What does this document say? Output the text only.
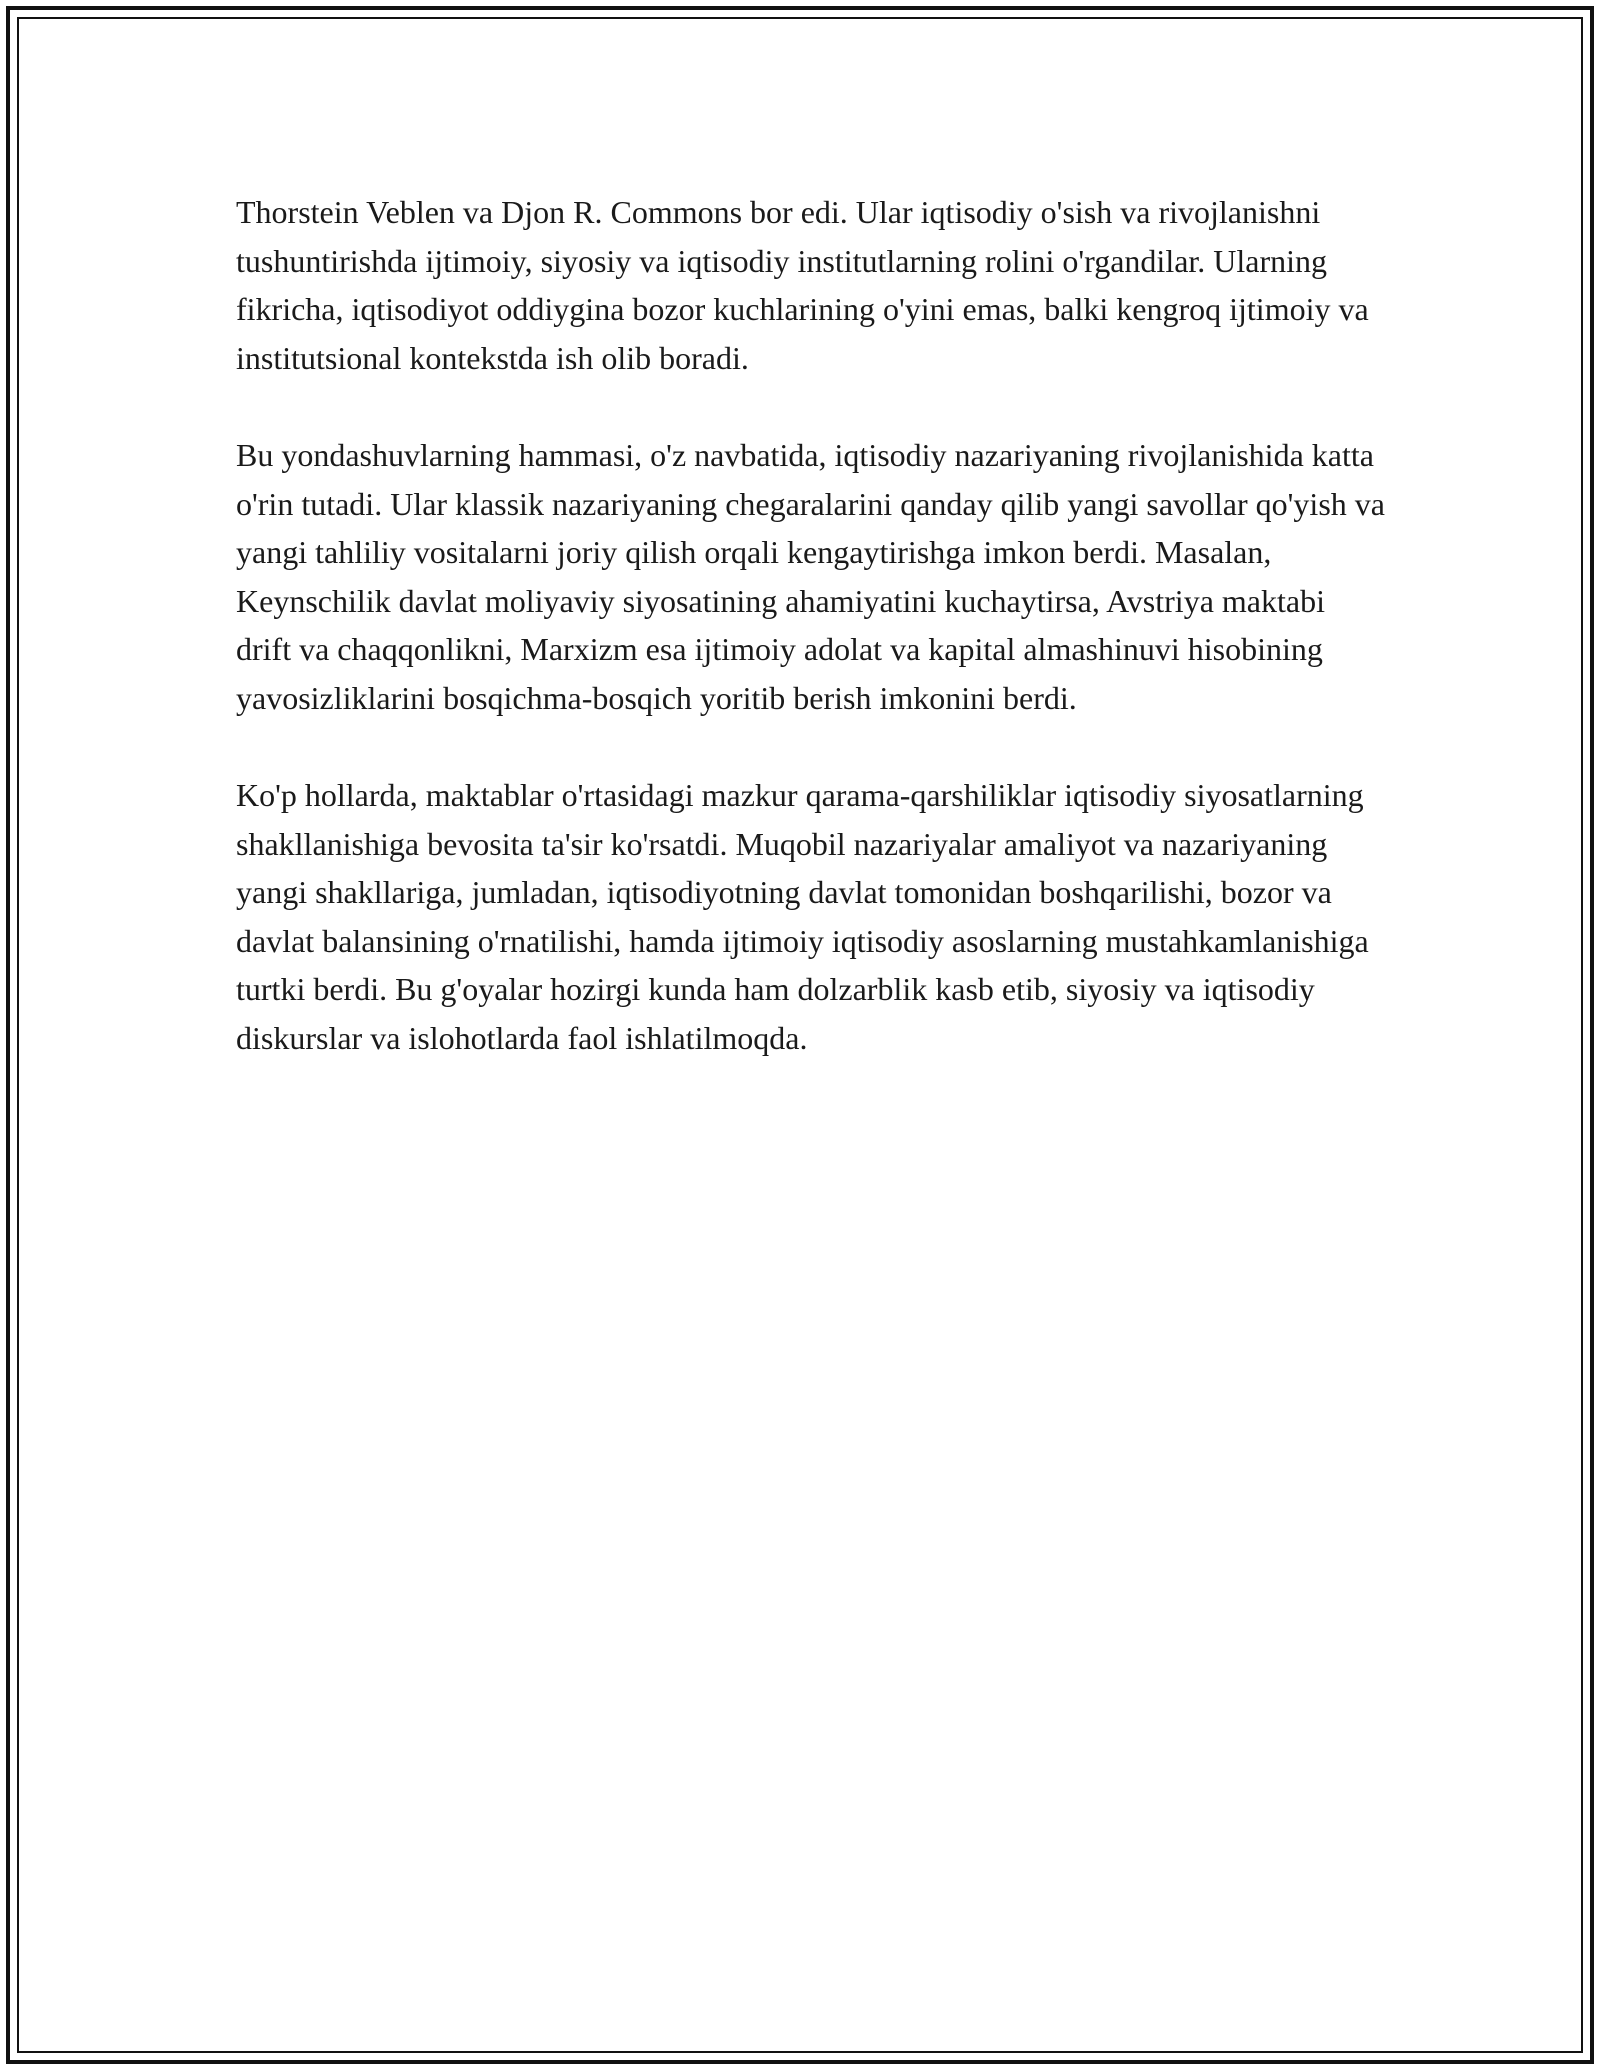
Thorstein Veblen va Djon R. Commons bor edi. Ular iqtisodiy o'sish va rivojlanishni tushuntirishda ijtimoiy, siyosiy va iqtisodiy institutlarning rolini o'rgandilar. Ularning fikricha, iqtisodiyot oddiygina bozor kuchlarining o'yini emas, balki kengroq ijtimoiy va institutsional kontekstda ish olib boradi.

Bu yondashuvlarning hammasi, o'z navbatida, iqtisodiy nazariyaning rivojlanishida katta o'rin tutadi. Ular klassik nazariyaning chegaralarini qanday qilib yangi savollar qo'yish va yangi tahliliy vositalarni joriy qilish orqali kengaytirishga imkon berdi. Masalan, Keynschilik davlat moliyaviy siyosatining ahamiyatini kuchaytirsa, Avstriya maktabi drift va chaqqonlikni, Marxizm esa ijtimoiy adolat va kapital almashinuvi hisobining yavosizliklarini bosqichma-bosqich yoritib berish imkonini berdi.

Ko'p hollarda, maktablar o'rtasidagi mazkur qarama-qarshiliklar iqtisodiy siyosatlarning shakllanishiga bevosita ta'sir ko'rsatdi. Muqobil nazariyalar amaliyot va nazariyaning yangi shakllariga, jumladan, iqtisodiyotning davlat tomonidan boshqarilishi, bozor va davlat balansining o'rnatilishi, hamda ijtimoiy iqtisodiy asoslarning mustahkamlanishiga turtki berdi. Bu g'oyalar hozirgi kunda ham dolzarblik kasb etib, siyosiy va iqtisodiy diskurslar va islohotlarda faol ishlatilmoqda.
